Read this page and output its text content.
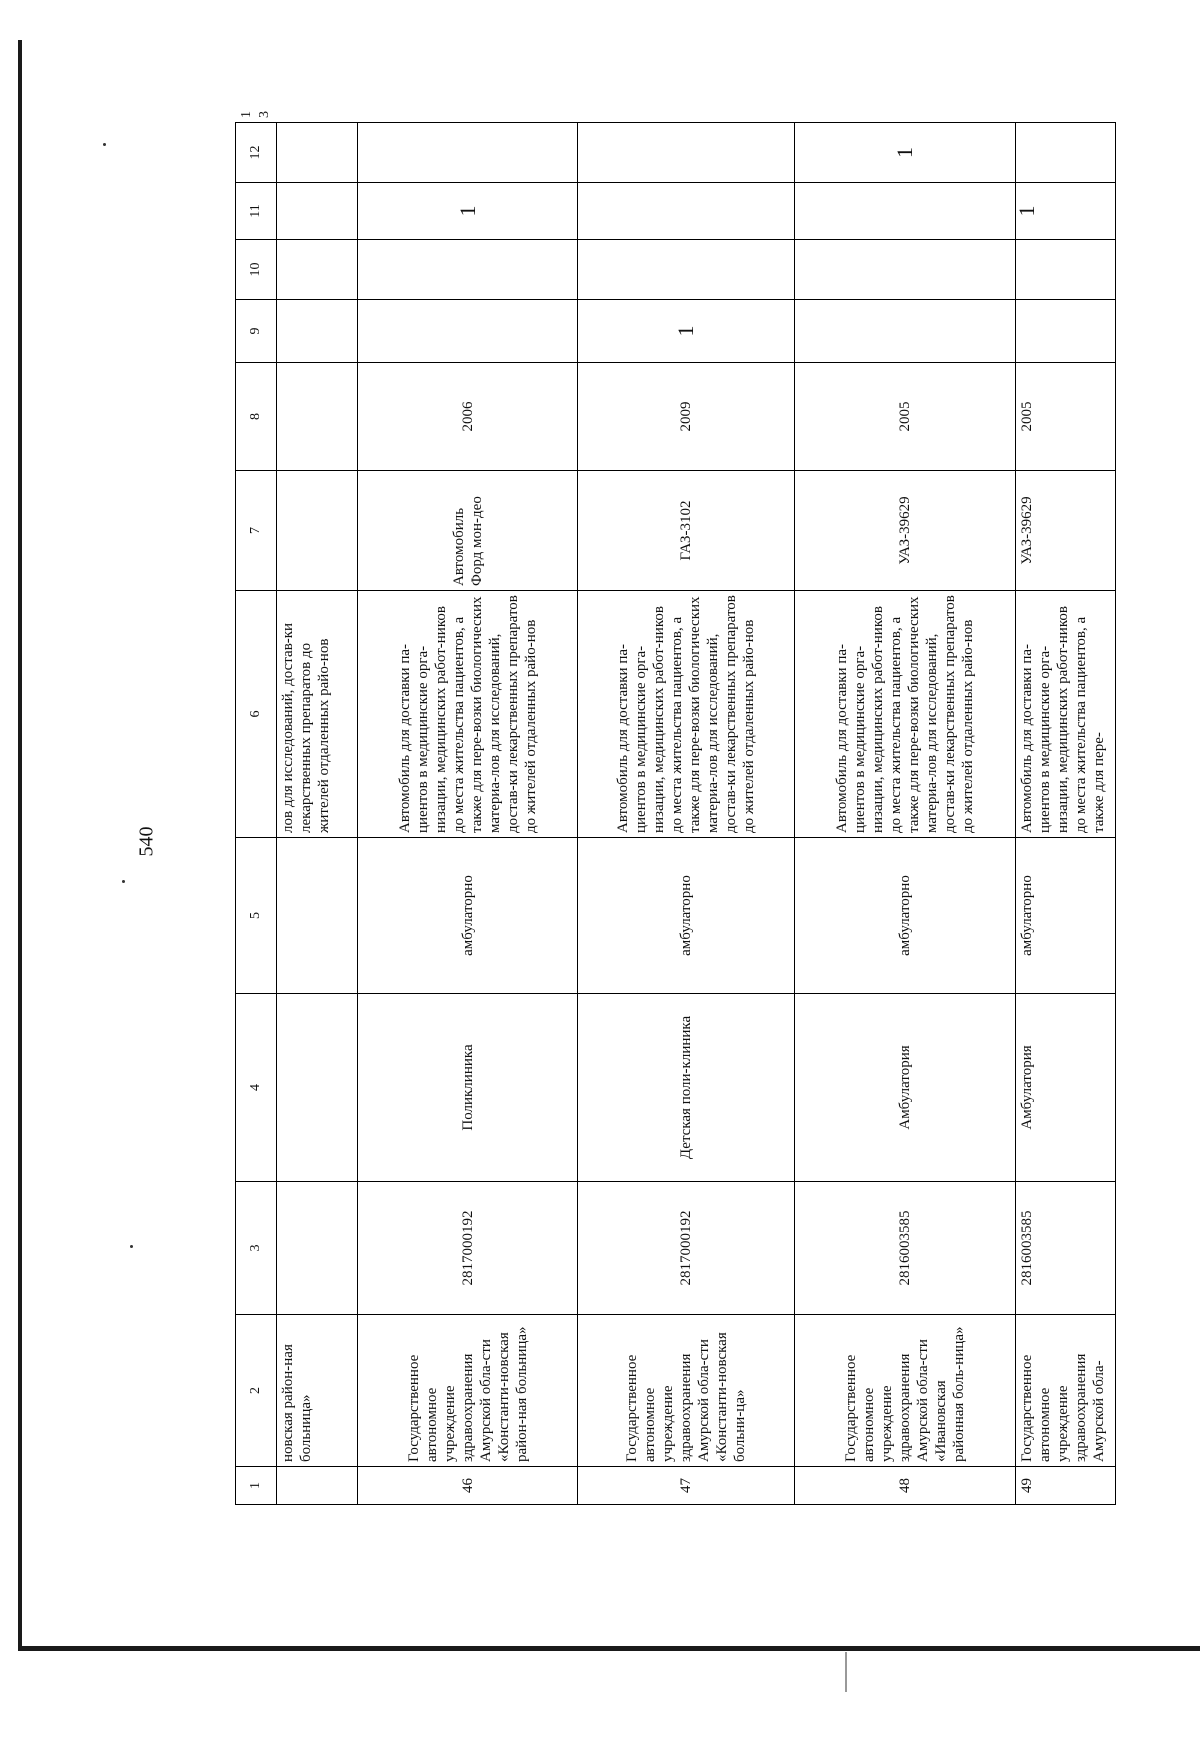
540
1	2	3	4	5	6	7	8	9	10	11	12	13
	новская район-ная больница»				лов для исследований, достав-ки лекарственных препаратов до жителей отдаленных райо-нов							
46	Государственное автономное учреждение здравоохранения Амурской обла-сти «Константи-новская район-ная больница»	2817000192	Поликлиника	амбулаторно	Автомобиль для доставки па-циентов в медицинские орга-низации, медицинских работ-ников до места жительства пациентов, а также для пере-возки биологических материа-лов для исследований, достав-ки лекарственных препаратов до жителей отдаленных райо-нов	Автомобиль Форд мон-део	2006			1		
47	Государственное автономное учреждение здравоохранения Амурской обла-сти «Константи-новская больни-ца»	2817000192	Детская поли-клиника	амбулаторно	Автомобиль для доставки па-циентов в медицинские орга-низации, медицинских работ-ников до места жительства пациентов, а также для пере-возки биологических материа-лов для исследований, достав-ки лекарственных препаратов до жителей отдаленных райо-нов	ГАЗ-3102	2009	1				
48	Государственное автономное учреждение здравоохранения Амурской обла-сти «Ивановская районная боль-ница»	2816003585	Амбулатория	амбулаторно	Автомобиль для доставки па-циентов в медицинские орга-низации, медицинских работ-ников до места жительства пациентов, а также для пере-возки биологических материа-лов для исследований, достав-ки лекарственных препаратов до жителей отдаленных райо-нов	УАЗ-39629	2005				1	
49	Государственное автономное учреждение здравоохранения Амурской обла-	2816003585	Амбулатория	амбулаторно	Автомобиль для доставки па-циентов в медицинские орга-низации, медицинских работ-ников до места жительства пациентов, а также для пере-	УАЗ-39629	2005			1		
